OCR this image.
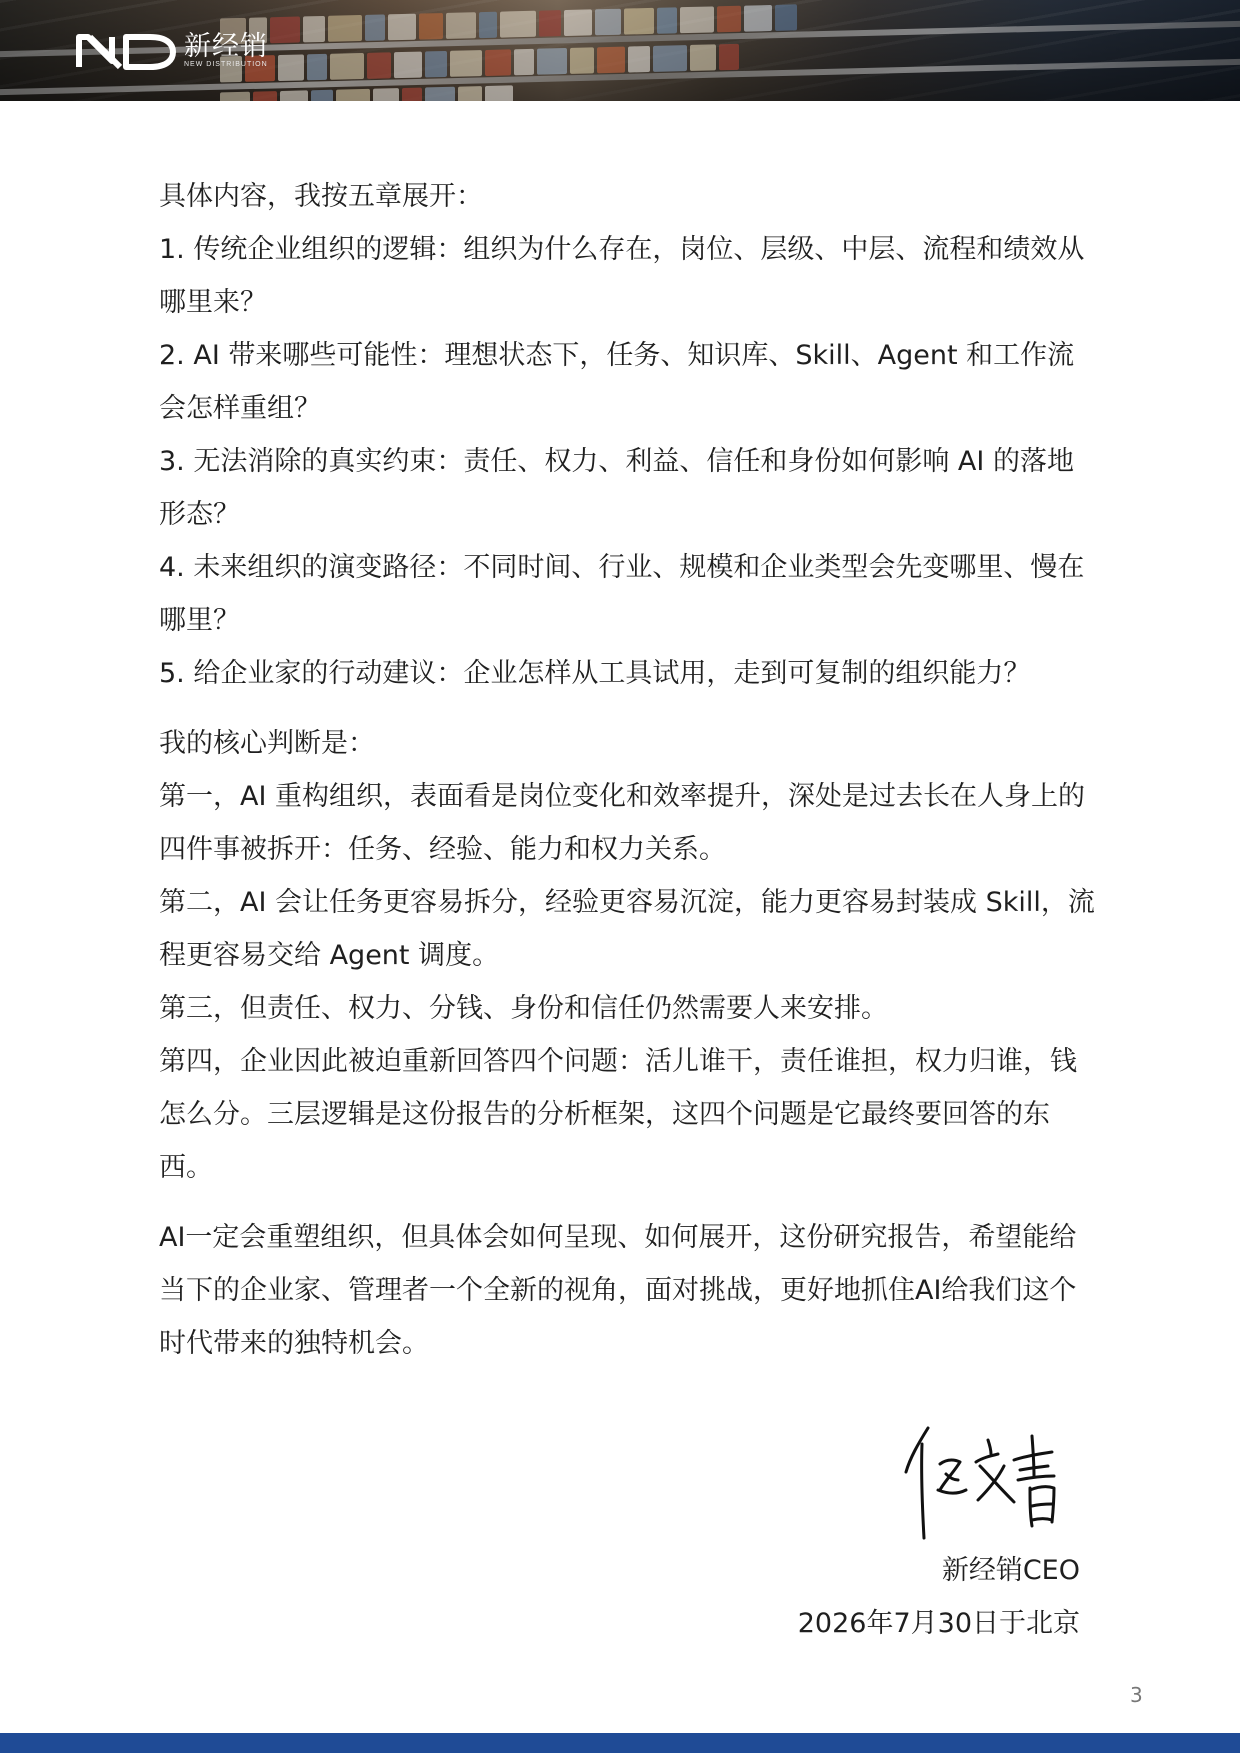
新经销
NEW DISTRIBUTION

具体内容，我按五章展开：

1. 传统企业组织的逻辑：组织为什么存在，岗位、层级、中层、流程和绩效从哪里来？

2. AI 带来哪些可能性：理想状态下，任务、知识库、Skill、Agent 和工作流会怎样重组？

3. 无法消除的真实约束：责任、权力、利益、信任和身份如何影响 AI 的落地形态？

4. 未来组织的演变路径：不同时间、行业、规模和企业类型会先变哪里、慢在哪里？

5. 给企业家的行动建议：企业怎样从工具试用，走到可复制的组织能力？

我的核心判断是：

第一，AI 重构组织，表面看是岗位变化和效率提升，深处是过去长在人身上的四件事被拆开：任务、经验、能力和权力关系。

第二，AI 会让任务更容易拆分，经验更容易沉淀，能力更容易封装成 Skill，流程更容易交给 Agent 调度。

第三，但责任、权力、分钱、身份和信任仍然需要人来安排。

第四，企业因此被迫重新回答四个问题：活儿谁干，责任谁担，权力归谁，钱怎么分。三层逻辑是这份报告的分析框架，这四个问题是它最终要回答的东西。

AI一定会重塑组织，但具体会如何呈现、如何展开，这份研究报告，希望能给当下的企业家、管理者一个全新的视角，面对挑战，更好地抓住AI给我们这个时代带来的独特机会。

新经销CEO
2026年7月30日于北京
3
